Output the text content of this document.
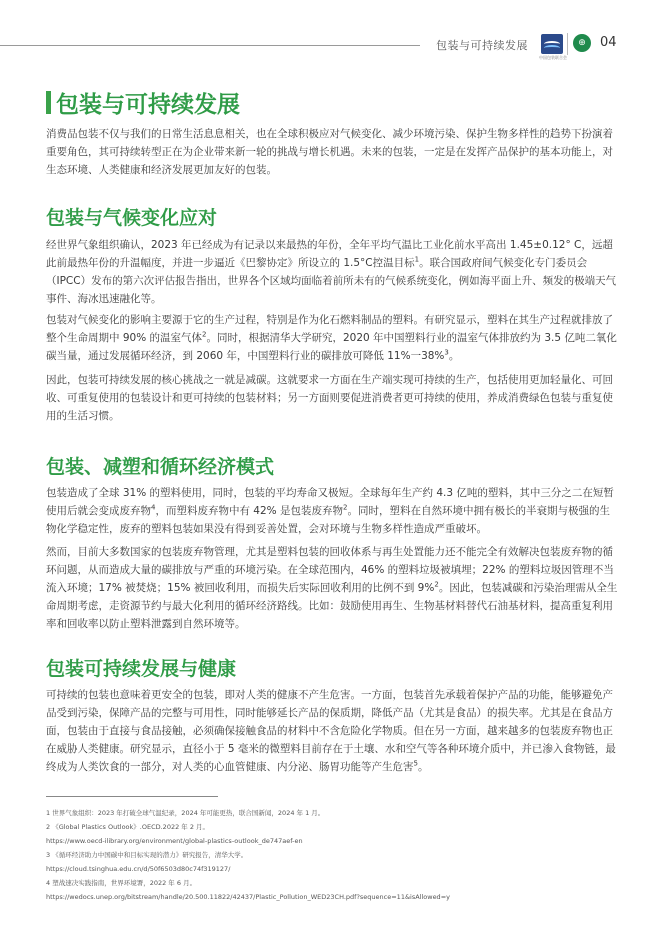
包装与可持续发展
中国包装联合会
⊕	04
包装与可持续发展

消费品包装不仅与我们的日常生活息息相关，也在全球积极应对气候变化、减少环境污染、保护生物多样性的趋势下扮演着重要角色，其可持续转型正在为企业带来新一轮的挑战与增长机遇。未来的包装，一定是在发挥产品保护的基本功能上，对生态环境、人类健康和经济发展更加友好的包装。

包装与气候变化应对

经世界气象组织确认，2023 年已经成为有记录以来最热的年份，全年平均气温比工业化前水平高出 1.45±0.12° C，远超此前最热年份的升温幅度，并进一步逼近《巴黎协定》所设立的 1.5°C控温目标$^1$。联合国政府间气候变化专门委员会（IPCC）发布的第六次评估报告指出，世界各个区域均面临着前所未有的气候系统变化，例如海平面上升、频发的极端天气事件、海冰迅速融化等。

包装对气候变化的影响主要源于它的生产过程，特别是作为化石燃料制品的塑料。有研究显示，塑料在其生产过程就排放了整个生命周期中 90% 的温室气体$^2$。同时，根据清华大学研究，2020 年中国塑料行业的温室气体排放约为 3.5 亿吨二氧化碳当量，通过发展循环经济，到 2060 年，中国塑料行业的碳排放可降低 11%一38%$^3$。

因此，包装可持续发展的核心挑战之一就是减碳。这就要求一方面在生产端实现可持续的生产，包括使用更加轻量化、可回收、可重复使用的包装设计和更可持续的包装材料；另一方面则要促进消费者更可持续的使用，养成消费绿色包装与重复使用的生活习惯。

包装、减塑和循环经济模式

包装造成了全球 31% 的塑料使用，同时，包装的平均寿命又极短。全球每年生产约 4.3 亿吨的塑料，其中三分之二在短暂使用后就会变成废弃物$^4$，而塑料废弃物中有 42% 是包装废弃物$^2$。同时，塑料在自然环境中拥有极长的半衰期与极强的生物化学稳定性，废弃的塑料包装如果没有得到妥善处置，会对环境与生物多样性造成严重破坏。

然而，目前大多数国家的包装废弃物管理，尤其是塑料包装的回收体系与再生处置能力还不能完全有效解决包装废弃物的循环问题，从而造成大量的碳排放与严重的环境污染。在全球范围内，46% 的塑料垃圾被填埋；22% 的塑料垃圾因管理不当流入环境；17% 被焚烧；15% 被回收利用，而损失后实际回收利用的比例不到 9%$^2$。因此，包装减碳和污染治理需从全生命周期考虑，走资源节约与最大化利用的循环经济路线。比如：鼓励使用再生、生物基材料替代石油基材料，提高重复利用率和回收率以防止塑料泄露到自然环境等。

包装可持续发展与健康

可持续的包装也意味着更安全的包装，即对人类的健康不产生危害。一方面，包装首先承载着保护产品的功能，能够避免产品受到污染，保障产品的完整与可用性，同时能够延长产品的保质期，降低产品（尤其是食品）的损失率。尤其是在食品方面，包装由于直接与食品接触，必须确保接触食品的材料中不含危险化学物质。但在另一方面，越来越多的包装废弃物也正在威胁人类健康。研究显示，直径小于 5 毫米的微塑料目前存在于土壤、水和空气等各种环境介质中，并已渗入食物链，最终成为人类饮食的一部分，对人类的心血管健康、内分泌、肠胃功能等产生危害$^5$。

1 世界气象组织：2023 年打破全球气温纪录，2024 年可能更热，联合国新闻，2024 年 1 月。
2 《Global Plastics Outlook》.OECD.2022 年 2 月。
https://www.oecd-ilibrary.org/environment/global-plastics-outlook_de747aef-en
3 《循环经济助力中国碳中和目标实现的潜力》研究报告，清华大学。
https://cloud.tsinghua.edu.cn/d/50f6503d80c74f319127/
4 塑战速决实践指南，世界环境署，2022 年 6 月。
https://wedocs.unep.org/bitstream/handle/20.500.11822/42437/Plastic_Pollution_WED23CH.pdf?sequence=11&isAllowed=y
